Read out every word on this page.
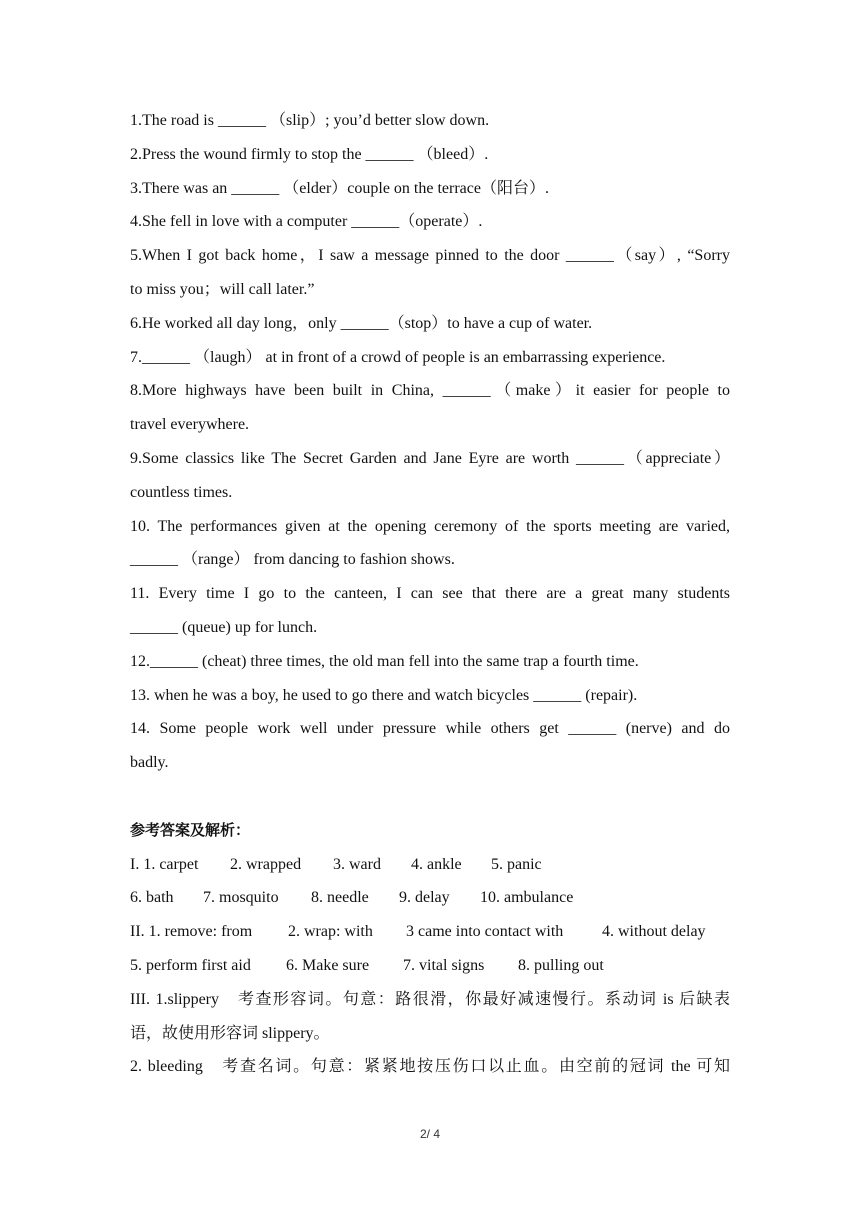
1.The road is ______ （slip）; you’d better slow down.
2.Press the wound firmly to stop the ______ （bleed）.
3.There was an ______ （elder）couple on the terrace（阳台）.
4.She fell in love with a computer ______（operate）.
5.When I got back home，I saw a message pinned to the door ______（say）, “Sorry
to miss you；will call later.”
6.He worked all day long，only ______（stop）to have a cup of water.
7.______ （laugh） at in front of a crowd of people is an embarrassing experience.
8.More highways have been built in China, ______（make）it easier for people to
travel everywhere.
9.Some classics like The Secret Garden and Jane Eyre are worth ______（appreciate）
countless times.
10. The performances given at the opening ceremony of the sports meeting are varied,
______ （range） from dancing to fashion shows.
11. Every time I go to the canteen, I can see that there are a great many students
______ (queue) up for lunch.
12.______ (cheat) three times, the old man fell into the same trap a fourth time.
13. when he was a boy, he used to go there and watch bicycles ______ (repair).
14. Some people work well under pressure while others get ______ (nerve) and do
badly.
参考答案及解析：
I. 1. carpet 2. wrapped 3. ward 4. ankle 5. panic
6. bath 7. mosquito 8. needle 9. delay 10. ambulance
II. 1. remove: from 2. wrap: with 3 came into contact with 4. without delay
5. perform first aid 6. Make sure 7. vital signs 8. pulling out
III. 1.slippery　考查形容词。句意：路很滑，你最好减速慢行。系动词 is 后缺表
语，故使用形容词 slippery。
2. bleeding　考查名词。句意：紧紧地按压伤口以止血。由空前的冠词 the 可知
2/ 4
